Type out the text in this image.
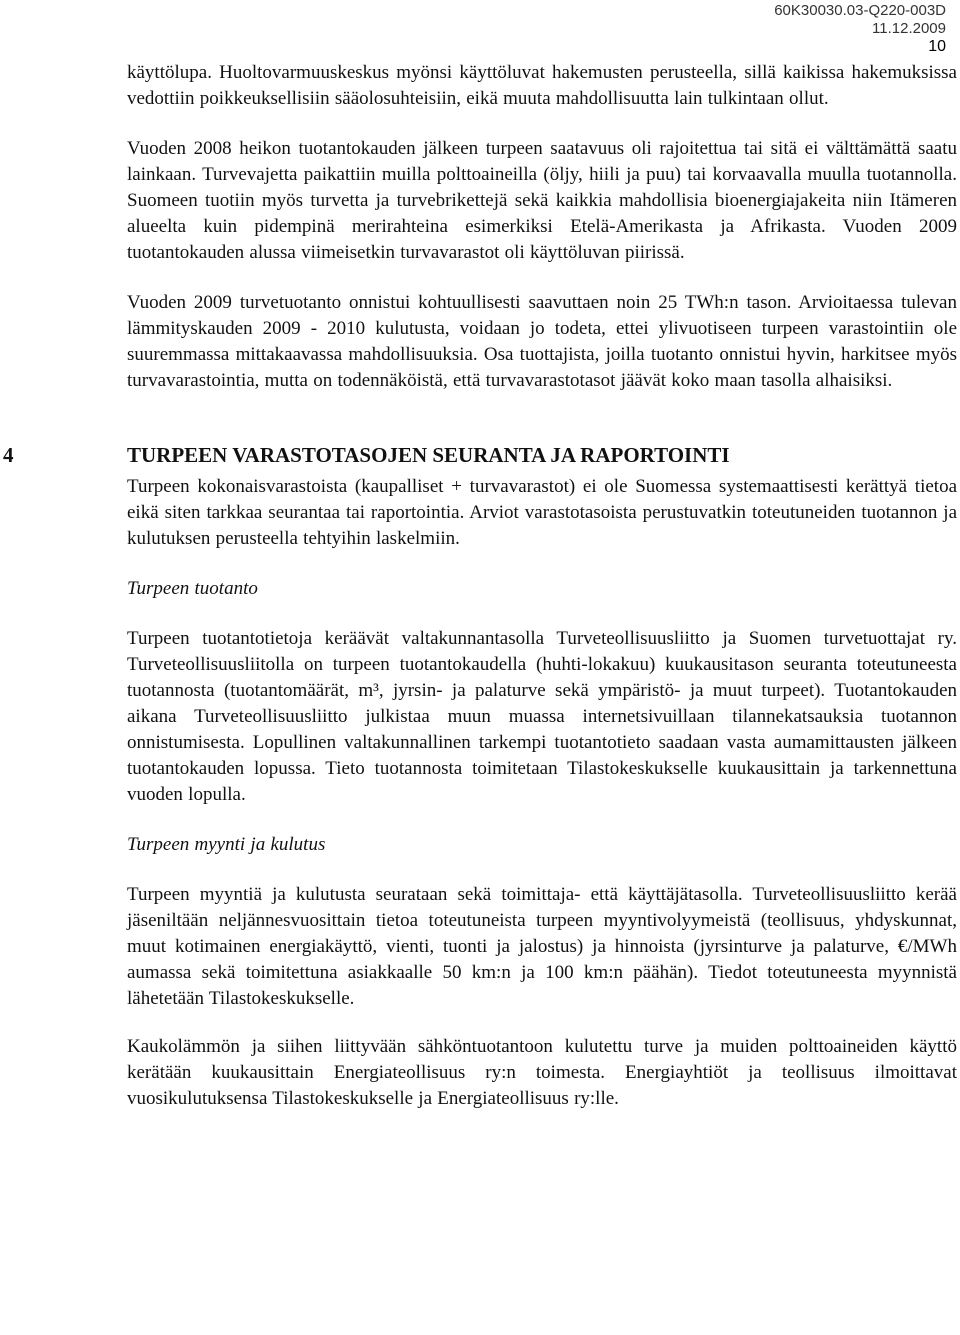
60K30030.03-Q220-003D
11.12.2009
10

käyttölupa. Huoltovarmuuskeskus myönsi käyttöluvat hakemusten perusteella, sillä kaikissa hakemuksissa vedottiin poikkeuksellisiin sääolosuhteisiin, eikä muuta mahdollisuutta lain tulkintaan ollut.

Vuoden 2008 heikon tuotantokauden jälkeen turpeen saatavuus oli rajoitettua tai sitä ei välttämättä saatu lainkaan. Turvevajetta paikattiin muilla polttoaineilla (öljy, hiili ja puu) tai korvaavalla muulla tuotannolla. Suomeen tuotiin myös turvetta ja turvebrikettejä sekä kaikkia mahdollisia bioenergiajakeita niin Itämeren alueelta kuin pidempinä merirahteina esimerkiksi Etelä-Amerikasta ja Afrikasta. Vuoden 2009 tuotantokauden alussa viimeisetkin turvavarastot oli käyttöluvan piirissä.

Vuoden 2009 turvetuotanto onnistui kohtuullisesti saavuttaen noin 25 TWh:n tason. Arvioitaessa tulevan lämmityskauden 2009 - 2010 kulutusta, voidaan jo todeta, ettei ylivuotiseen turpeen varastointiin ole suuremmassa mittakaavassa mahdollisuuksia. Osa tuottajista, joilla tuotanto onnistui hyvin, harkitsee myös turvavarastointia, mutta on todennäköistä, että turvavarastotasot jäävät koko maan tasolla alhaisiksi.

4	TURPEEN VARASTOTASOJEN SEURANTA JA RAPORTOINTI

Turpeen kokonaisvarastoista (kaupalliset + turvavarastot) ei ole Suomessa systemaattisesti kerättyä tietoa eikä siten tarkkaa seurantaa tai raportointia. Arviot varastotasoista perustuvatkin toteutuneiden tuotannon ja kulutuksen perusteella tehtyihin laskelmiin.

Turpeen tuotanto

Turpeen tuotantotietoja keräävät valtakunnantasolla Turveteollisuusliitto ja Suomen turvetuottajat ry. Turveteollisuusliitolla on turpeen tuotantokaudella (huhti-lokakuu) kuukausitason seuranta toteutuneesta tuotannosta (tuotantomäärät, m³, jyrsin- ja palaturve sekä ympäristö- ja muut turpeet). Tuotantokauden aikana Turveteollisuusliitto julkistaa muun muassa internetsivuillaan tilannekatsauksia tuotannon onnistumisesta. Lopullinen valtakunnallinen tarkempi tuotantotieto saadaan vasta aumamittausten jälkeen tuotantokauden lopussa. Tieto tuotannosta toimitetaan Tilastokeskukselle kuukausittain ja tarkennettuna vuoden lopulla.

Turpeen myynti ja kulutus

Turpeen myyntiä ja kulutusta seurataan sekä toimittaja- että käyttäjätasolla. Turveteollisuusliitto kerää jäseniltään neljännesvuosittain tietoa toteutuneista turpeen myyntivolyymeistä (teollisuus, yhdyskunnat, muut kotimainen energiakäyttö, vienti, tuonti ja jalostus) ja hinnoista (jyrsinturve ja palaturve, €/MWh aumassa sekä toimitettuna asiakkaalle 50 km:n ja 100 km:n päähän). Tiedot toteutuneesta myynnistä lähetetään Tilastokeskukselle.

Kaukolämmön ja siihen liittyvään sähköntuotantoon kulutettu turve ja muiden polttoaineiden käyttö kerätään kuukausittain Energiateollisuus ry:n toimesta. Energiayhtiöt ja teollisuus ilmoittavat vuosikulutuksensa Tilastokeskukselle ja Energiateollisuus ry:lle.
